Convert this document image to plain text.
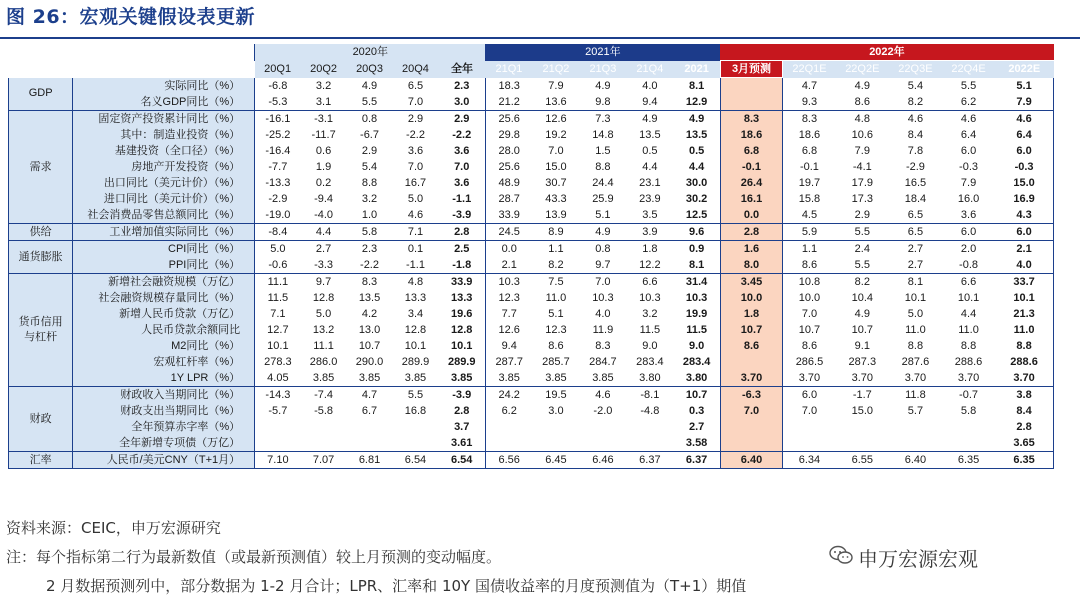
图 26：宏观关键假设表更新
		2020年					2021年					2022年					
		20Q1	20Q2	20Q3	20Q4	全年	21Q1	21Q2	21Q3	21Q4	2021	3月预测	22Q1E	22Q2E	22Q3E	22Q4E	2022E
GDP	实际同比（%）	-6.8	3.2	4.9	6.5	2.3	18.3	7.9	4.9	4.0	8.1		4.7	4.9	5.4	5.5	5.1
	名义GDP同比（%）	-5.3	3.1	5.5	7.0	3.0	21.2	13.6	9.8	9.4	12.9		9.3	8.6	8.2	6.2	7.9
需求	固定资产投资累计同比（%）	-16.1	-3.1	0.8	2.9	2.9	25.6	12.6	7.3	4.9	4.9	8.3	8.3	4.8	4.6	4.6	4.6
	其中：制造业投资（%）	-25.2	-11.7	-6.7	-2.2	-2.2	29.8	19.2	14.8	13.5	13.5	18.6	18.6	10.6	8.4	6.4	6.4
	基建投资（全口径）（%）	-16.4	0.6	2.9	3.6	3.6	28.0	7.0	1.5	0.5	0.5	6.8	6.8	7.9	7.8	6.0	6.0
	房地产开发投资（%）	-7.7	1.9	5.4	7.0	7.0	25.6	15.0	8.8	4.4	4.4	-0.1	-0.1	-4.1	-2.9	-0.3	-0.3
	出口同比（美元计价）（%）	-13.3	0.2	8.8	16.7	3.6	48.9	30.7	24.4	23.1	30.0	26.4	19.7	17.9	16.5	7.9	15.0
	进口同比（美元计价）（%）	-2.9	-9.4	3.2	5.0	-1.1	28.7	43.3	25.9	23.9	30.2	16.1	15.8	17.3	18.4	16.0	16.9
	社会消费品零售总额同比（%）	-19.0	-4.0	1.0	4.6	-3.9	33.9	13.9	5.1	3.5	12.5	0.0	4.5	2.9	6.5	3.6	4.3
供给	工业增加值实际同比（%）	-8.4	4.4	5.8	7.1	2.8	24.5	8.9	4.9	3.9	9.6	2.8	5.9	5.5	6.5	6.0	6.0
通货膨胀	CPI同比（%）	5.0	2.7	2.3	0.1	2.5	0.0	1.1	0.8	1.8	0.9	1.6	1.1	2.4	2.7	2.0	2.1
	PPI同比（%）	-0.6	-3.3	-2.2	-1.1	-1.8	2.1	8.2	9.7	12.2	8.1	8.0	8.6	5.5	2.7	-0.8	4.0
货币信用与杠杆	新增社会融资规模（万亿）	11.1	9.7	8.3	4.8	33.9	10.3	7.5	7.0	6.6	31.4	3.45	10.8	8.2	8.1	6.6	33.7
	社会融资规模存量同比（%）	11.5	12.8	13.5	13.3	13.3	12.3	11.0	10.3	10.3	10.3	10.0	10.0	10.4	10.1	10.1	10.1
	新增人民币贷款（万亿）	7.1	5.0	4.2	3.4	19.6	7.7	5.1	4.0	3.2	19.9	1.8	7.0	4.9	5.0	4.4	21.3
	人民币贷款余额同比	12.7	13.2	13.0	12.8	12.8	12.6	12.3	11.9	11.5	11.5	10.7	10.7	10.7	11.0	11.0	11.0
	M2同比（%）	10.1	11.1	10.7	10.1	10.1	9.4	8.6	8.3	9.0	9.0	8.6	8.6	9.1	8.8	8.8	8.8
	宏观杠杆率（%）	278.3	286.0	290.0	289.9	289.9	287.7	285.7	284.7	283.4	283.4		286.5	287.3	287.6	288.6	288.6
	1Y LPR（%）	4.05	3.85	3.85	3.85	3.85	3.85	3.85	3.85	3.80	3.80	3.70	3.70	3.70	3.70	3.70	3.70
财政	财政收入当期同比（%）	-14.3	-7.4	4.7	5.5	-3.9	24.2	19.5	4.6	-8.1	10.7	-6.3	6.0	-1.7	11.8	-0.7	3.8
	财政支出当期同比（%）	-5.7	-5.8	6.7	16.8	2.8	6.2	3.0	-2.0	-4.8	0.3	7.0	7.0	15.0	5.7	5.8	8.4
	全年预算赤字率（%）					3.7					2.7						2.8
	全年新增专项债（万亿）					3.61					3.58						3.65
汇率	人民币/美元CNY（T+1月）	7.10	7.07	6.81	6.54	6.54	6.56	6.45	6.46	6.37	6.37	6.40	6.34	6.55	6.40	6.35	6.35
资料来源：CEIC，申万宏源研究
注：每个指标第二行为最新数值（或最新预测值）较上月预测的变动幅度。
2 月数据预测列中，部分数据为 1-2 月合计；LPR、汇率和 10Y 国债收益率的月度预测值为（T+1）期值
申万宏源宏观
